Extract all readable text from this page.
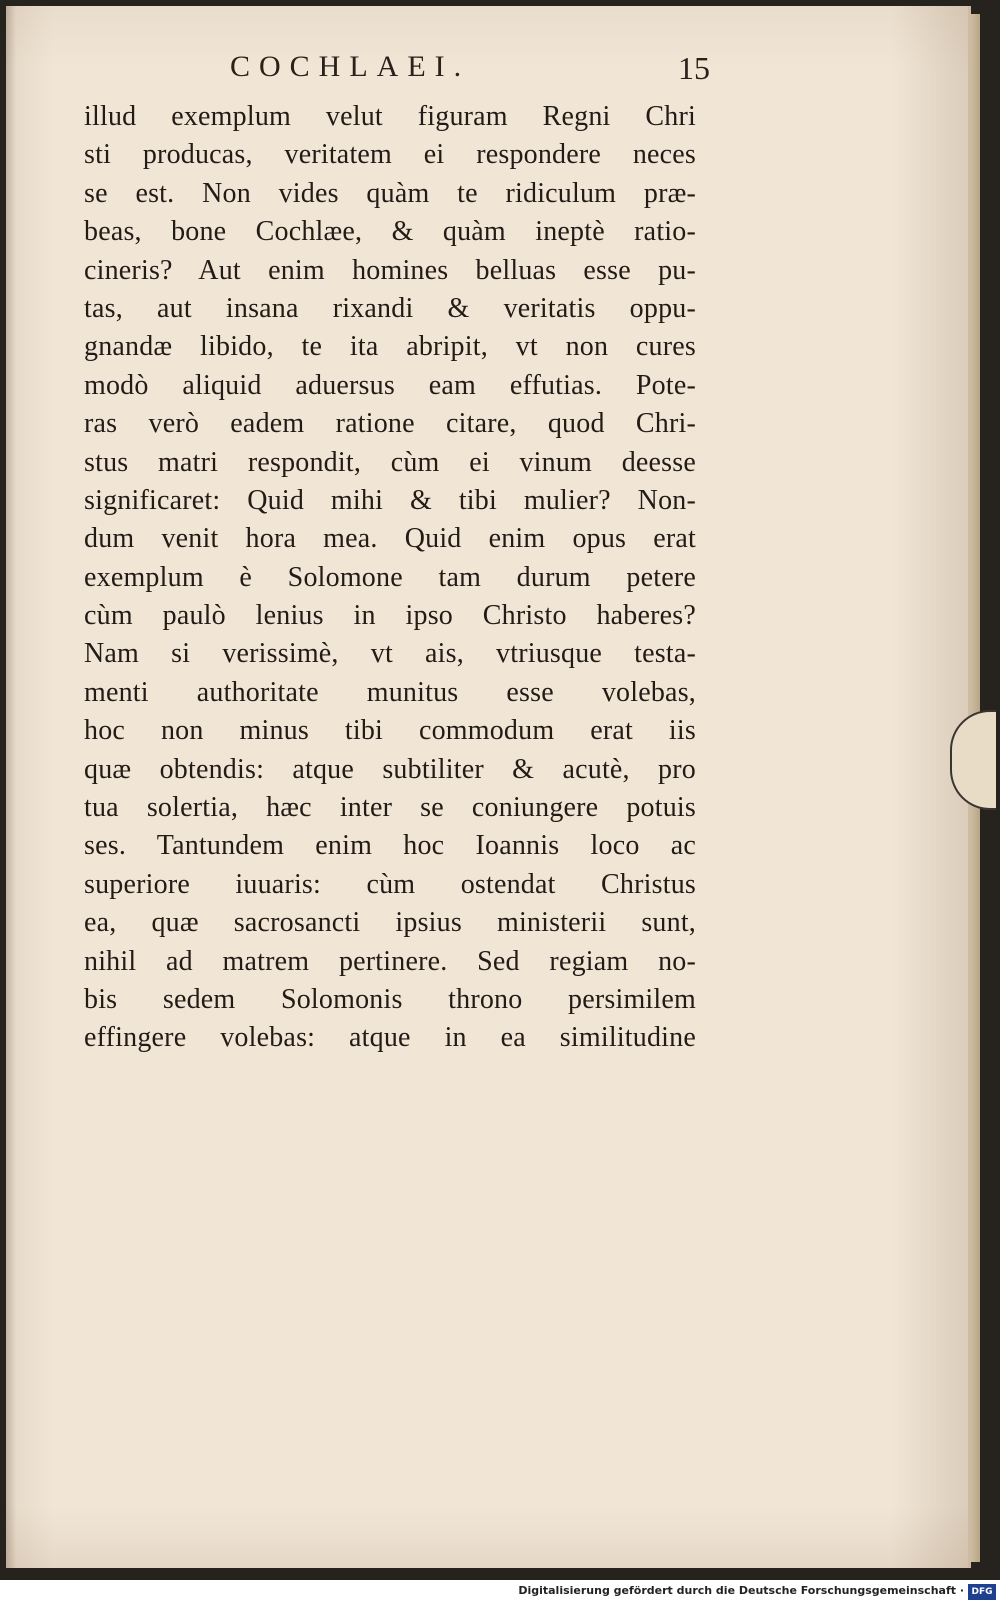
COCHLAEI.	15
illud exemplum velut figuram Regni Chri
sti producas, veritatem ei respondere neces
se est. Non vides quàm te ridiculum præ-
beas, bone Cochlæe, & quàm ineptè ratio-
cineris? Aut enim homines belluas esse pu-
tas, aut insana rixandi & veritatis oppu-
gnandæ libido, te ita abripit, vt non cures
modò aliquid aduersus eam effutias. Pote-
ras verò eadem ratione citare, quod Chri-
stus matri respondit, cùm ei vinum deesse
significaret: Quid mihi & tibi mulier? Non-
dum venit hora mea. Quid enim opus erat
exemplum è Solomone tam durum petere
cùm paulò lenius in ipso Christo haberes?
Nam si verissimè, vt ais, vtriusque testa-
menti authoritate munitus esse volebas,
hoc non minus tibi commodum erat iis
quæ obtendis: atque subtiliter & acutè, pro
tua solertia, hæc inter se coniungere potuis
ses. Tantundem enim hoc Ioannis loco ac
superiore iuuaris: cùm ostendat Christus
ea, quæ sacrosancti ipsius ministerii sunt,
nihil ad matrem pertinere. Sed regiam no-
bis sedem Solomonis throno persimilem
effingere volebas: atque in ea similitudine
Digitalisierung gefördert durch die Deutsche Forschungsgemeinschaft · DFG
